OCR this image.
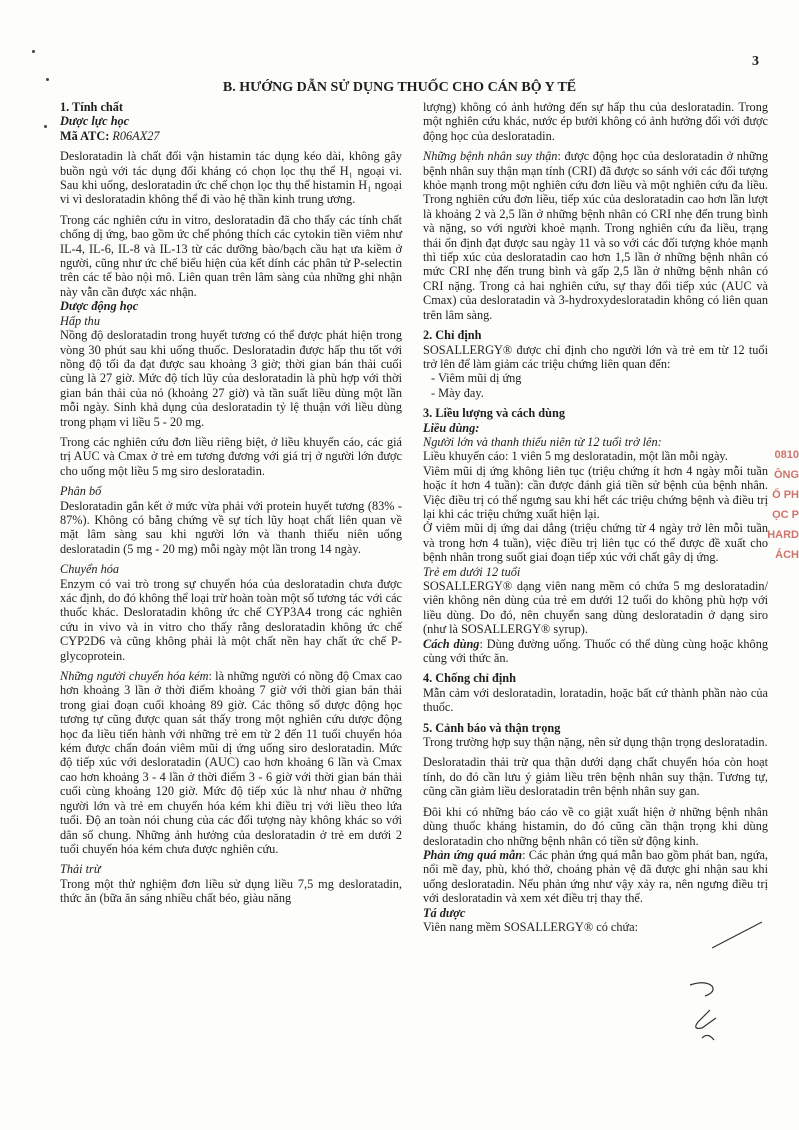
3
B. HƯỚNG DẪN SỬ DỤNG THUỐC CHO CÁN BỘ Y TẾ

1. Tính chất

Dược lực học

Mã ATC: R06AX27

Desloratadin là chất đối vận histamin tác dụng kéo dài, không gây buồn ngủ với tác dụng đối kháng có chọn lọc thụ thể H₁ ngoại vi. Sau khi uống, desloratadin ức chế chọn lọc thụ thể histamin H₁ ngoại vi vì desloratadin không thể đi vào hệ thần kinh trung ương.

Trong các nghiên cứu in vitro, desloratadin đã cho thấy các tính chất chống dị ứng, bao gồm ức chế phóng thích các cytokin tiền viêm như IL-4, IL-6, IL-8 và IL-13 từ các dưỡng bào/bạch cầu hạt ưa kiềm ở người, cũng như ức chế biểu hiện của kết dính các phân tử P-selectin trên các tế bào nội mô. Liên quan trên lâm sàng của những ghi nhận này vẫn cần được xác nhận.

Dược động học

Hấp thu

Nồng độ desloratadin trong huyết tương có thể được phát hiện trong vòng 30 phút sau khi uống thuốc. Desloratadin được hấp thu tốt với nồng độ tối đa đạt được sau khoảng 3 giờ; thời gian bán thải cuối cùng là 27 giờ. Mức độ tích lũy của desloratadin là phù hợp với thời gian bán thải của nó (khoảng 27 giờ) và tần suất liều dùng một lần mỗi ngày. Sinh khả dụng của desloratadin tỷ lệ thuận với liều dùng trong phạm vi liều 5 - 20 mg.

Trong các nghiên cứu đơn liều riêng biệt, ở liều khuyến cáo, các giá trị AUC và Cmax ở trẻ em tương đương với giá trị ở người lớn được cho uống một liều 5 mg siro desloratadin.

Phân bố

Desloratadin gắn kết ở mức vừa phải với protein huyết tương (83% - 87%). Không có bằng chứng về sự tích lũy hoạt chất liên quan về mặt lâm sàng sau khi người lớn và thanh thiếu niên uống desloratadin (5 mg - 20 mg) mỗi ngày một lần trong 14 ngày.

Chuyển hóa

Enzym có vai trò trong sự chuyển hóa của desloratadin chưa được xác định, do đó không thể loại trừ hoàn toàn một số tương tác với các thuốc khác. Desloratadin không ức chế CYP3A4 trong các nghiên cứu in vivo và in vitro cho thấy rằng desloratadin không ức chế CYP2D6 và cũng không phải là một chất nền hay chất ức chế P-glycoprotein.

Những người chuyển hóa kém: là những người có nồng độ Cmax cao hơn khoảng 3 lần ở thời điểm khoảng 7 giờ với thời gian bán thải trong giai đoạn cuối khoảng 89 giờ. Các thông số dược động học tương tự cũng được quan sát thấy trong một nghiên cứu dược động học đa liều tiến hành với những trẻ em từ 2 đến 11 tuổi chuyển hóa kém được chẩn đoán viêm mũi dị ứng uống siro desloratadin. Mức độ tiếp xúc với desloratadin (AUC) cao hơn khoảng 6 lần và Cmax cao hơn khoảng 3 - 4 lần ở thời điểm 3 - 6 giờ với thời gian bán thải cuối cùng khoảng 120 giờ. Mức độ tiếp xúc là như nhau ở những người lớn và trẻ em chuyển hóa kém khi điều trị với liều theo lứa tuổi. Độ an toàn nói chung của các đối tượng này không khác so với dân số chung. Những ảnh hưởng của desloratadin ở trẻ em dưới 2 tuổi chuyển hóa kém chưa được nghiên cứu.

Thải trừ

Trong một thử nghiệm đơn liều sử dụng liều 7,5 mg desloratadin, thức ăn (bữa ăn sáng nhiều chất béo, giàu năng

lượng) không có ảnh hưởng đến sự hấp thu của desloratadin. Trong một nghiên cứu khác, nước ép bưởi không có ảnh hưởng đối với được động học của desloratadin.

Những bệnh nhân suy thận: được động học của desloratadin ở những bệnh nhân suy thận mạn tính (CRI) đã được so sánh với các đối tượng khỏe mạnh trong một nghiên cứu đơn liều và một nghiên cứu đa liều. Trong nghiên cứu đơn liều, tiếp xúc của desloratadin cao hơn lần lượt là khoảng 2 và 2,5 lần ở những bệnh nhân có CRI nhẹ đến trung bình và nặng, so với người khoẻ mạnh. Trong nghiên cứu đa liều, trạng thái ổn định đạt được sau ngày 11 và so với các đối tượng khỏe mạnh thì tiếp xúc của desloratadin cao hơn 1,5 lần ở những bệnh nhân có mức CRI nhẹ đến trung bình và gấp 2,5 lần ở những bệnh nhân có CRI nặng. Trong cả hai nghiên cứu, sự thay đổi tiếp xúc (AUC và Cmax) của desloratadin và 3-hydroxydesloratadin không có liên quan trên lâm sàng.

2. Chỉ định

SOSALLERGY® được chỉ định cho người lớn và trẻ em từ 12 tuổi trở lên để làm giảm các triệu chứng liên quan đến:

- Viêm mũi dị ứng

- Mày đay.

3. Liều lượng và cách dùng

Liều dùng:

Người lớn và thanh thiếu niên từ 12 tuổi trở lên:

Liều khuyến cáo: 1 viên 5 mg desloratadin, một lần mỗi ngày.

Viêm mũi dị ứng không liên tục (triệu chứng ít hơn 4 ngày mỗi tuần hoặc ít hơn 4 tuần): cần được đánh giá tiền sử bệnh của bệnh nhân. Việc điều trị có thể ngưng sau khi hết các triệu chứng bệnh và điều trị lại khi các triệu chứng xuất hiện lại.

Ở viêm mũi dị ứng dai dẳng (triệu chứng từ 4 ngày trở lên mỗi tuần và trong hơn 4 tuần), việc điều trị liên tục có thể được đề xuất cho bệnh nhân trong suốt giai đoạn tiếp xúc với chất gây dị ứng.

Trẻ em dưới 12 tuổi

SOSALLERGY® dạng viên nang mềm có chứa 5 mg desloratadin/ viên không nên dùng của trẻ em dưới 12 tuổi do không phù hợp với liều dùng. Do đó, nên chuyển sang dùng desloratadin ở dạng siro (như là SOSALLERGY® syrup).

Cách dùng: Dùng đường uống. Thuốc có thể dùng cùng hoặc không cùng với thức ăn.

4. Chống chỉ định

Mẫn cảm với desloratadin, loratadin, hoặc bất cứ thành phần nào của thuốc.

5. Cảnh báo và thận trọng

Trong trường hợp suy thận nặng, nên sử dụng thận trọng desloratadin.

Desloratadin thải trừ qua thận dưới dạng chất chuyển hóa còn hoạt tính, do đó cần lưu ý giảm liều trên bệnh nhân suy thận. Tương tự, cũng cần giảm liều desloratadin trên bệnh nhân suy gan.

Đôi khi có những báo cáo về co giật xuất hiện ở những bệnh nhân dùng thuốc kháng histamin, do đó cũng cần thận trọng khi dùng desloratadin cho những bệnh nhân có tiền sử động kinh.

Phản ứng quá mẫn: Các phản ứng quá mẫn bao gồm phát ban, ngứa, nổi mề đay, phù, khó thở, choáng phản vệ đã được ghi nhận sau khi uống desloratadin. Nếu phản ứng như vậy xảy ra, nên ngưng điều trị với desloratadin và xem xét điều trị thay thế.

Tá dược

Viên nang mềm SOSALLERGY® có chứa:

0810
ÔNG
Ổ PH
ỌC P
HARD
ÁCH
